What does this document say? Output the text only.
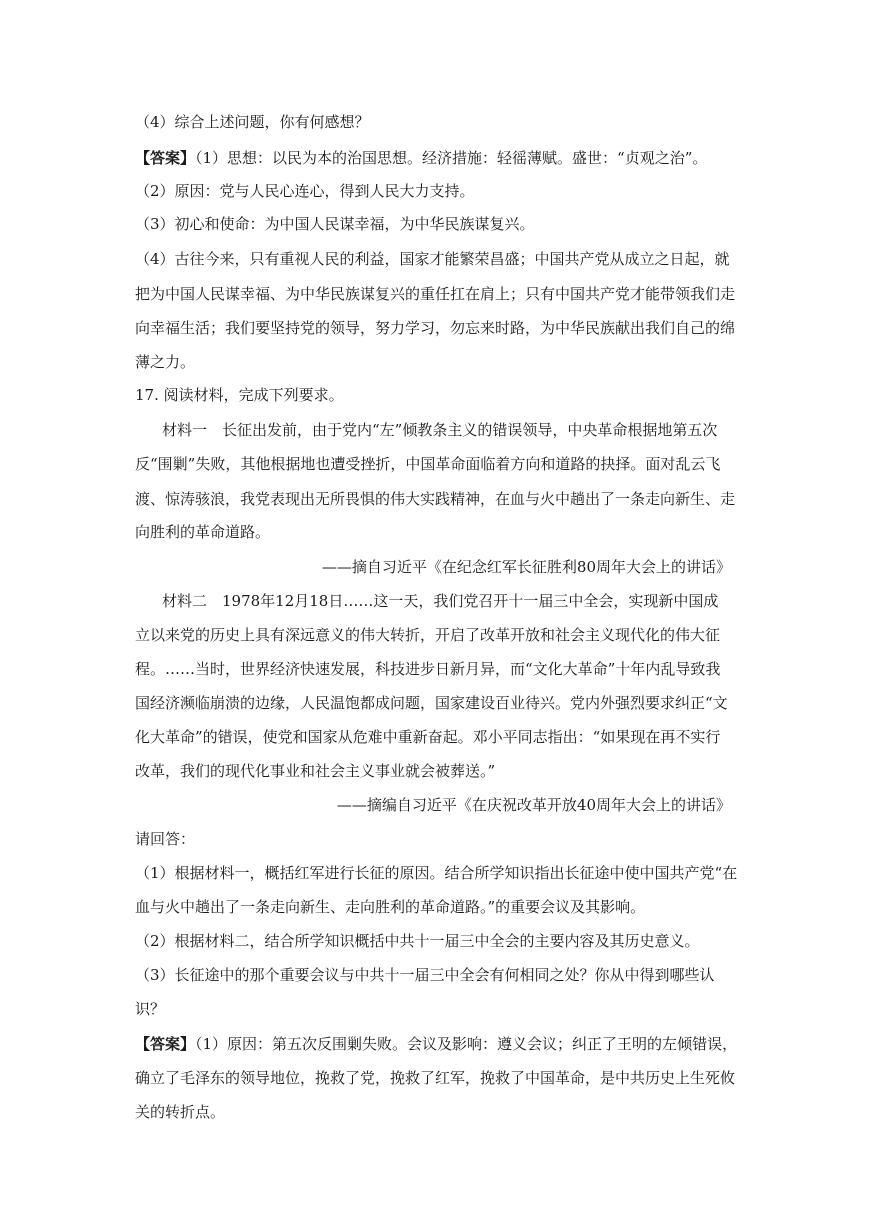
（4）综合上述问题，你有何感想？
【答案】（1）思想：以民为本的治国思想。经济措施：轻徭薄赋。盛世：“贞观之治”。
（2）原因：党与人民心连心，得到人民大力支持。
（3）初心和使命：为中国人民谋幸福，为中华民族谋复兴。
（4）古往今来，只有重视人民的利益，国家才能繁荣昌盛；中国共产党从成立之日起，就
把为中国人民谋幸福、为中华民族谋复兴的重任扛在肩上；只有中国共产党才能带领我们走
向幸福生活；我们要坚持党的领导，努力学习，勿忘来时路，为中华民族献出我们自己的绵
薄之力。
17. 阅读材料，完成下列要求。
材料一　长征出发前，由于党内“左”倾教条主义的错误领导，中央革命根据地第五次
反“围剿”失败，其他根据地也遭受挫折，中国革命面临着方向和道路的抉择。面对乱云飞
渡、惊涛骇浪，我党表现出无所畏惧的伟大实践精神，在血与火中趟出了一条走向新生、走
向胜利的革命道路。
——摘自习近平《在纪念红军长征胜利80周年大会上的讲话》
材料二　1978年12月18日……这一天，我们党召开十一届三中全会，实现新中国成
立以来党的历史上具有深远意义的伟大转折，开启了改革开放和社会主义现代化的伟大征
程。……当时，世界经济快速发展，科技进步日新月异，而“文化大革命”十年内乱导致我
国经济濒临崩溃的边缘，人民温饱都成问题，国家建设百业待兴。党内外强烈要求纠正“文
化大革命”的错误，使党和国家从危难中重新奋起。邓小平同志指出：“如果现在再不实行
改革，我们的现代化事业和社会主义事业就会被葬送。”
——摘编自习近平《在庆祝改革开放40周年大会上的讲话》
请回答：
（1）根据材料一，概括红军进行长征的原因。结合所学知识指出长征途中使中国共产党“在
血与火中趟出了一条走向新生、走向胜利的革命道路。”的重要会议及其影响。
（2）根据材料二，结合所学知识概括中共十一届三中全会的主要内容及其历史意义。
（3）长征途中的那个重要会议与中共十一届三中全会有何相同之处？你从中得到哪些认
识？
【答案】（1）原因：第五次反围剿失败。会议及影响：遵义会议；纠正了王明的左倾错误，
确立了毛泽东的领导地位，挽救了党，挽救了红军，挽救了中国革命，是中共历史上生死攸
关的转折点。
